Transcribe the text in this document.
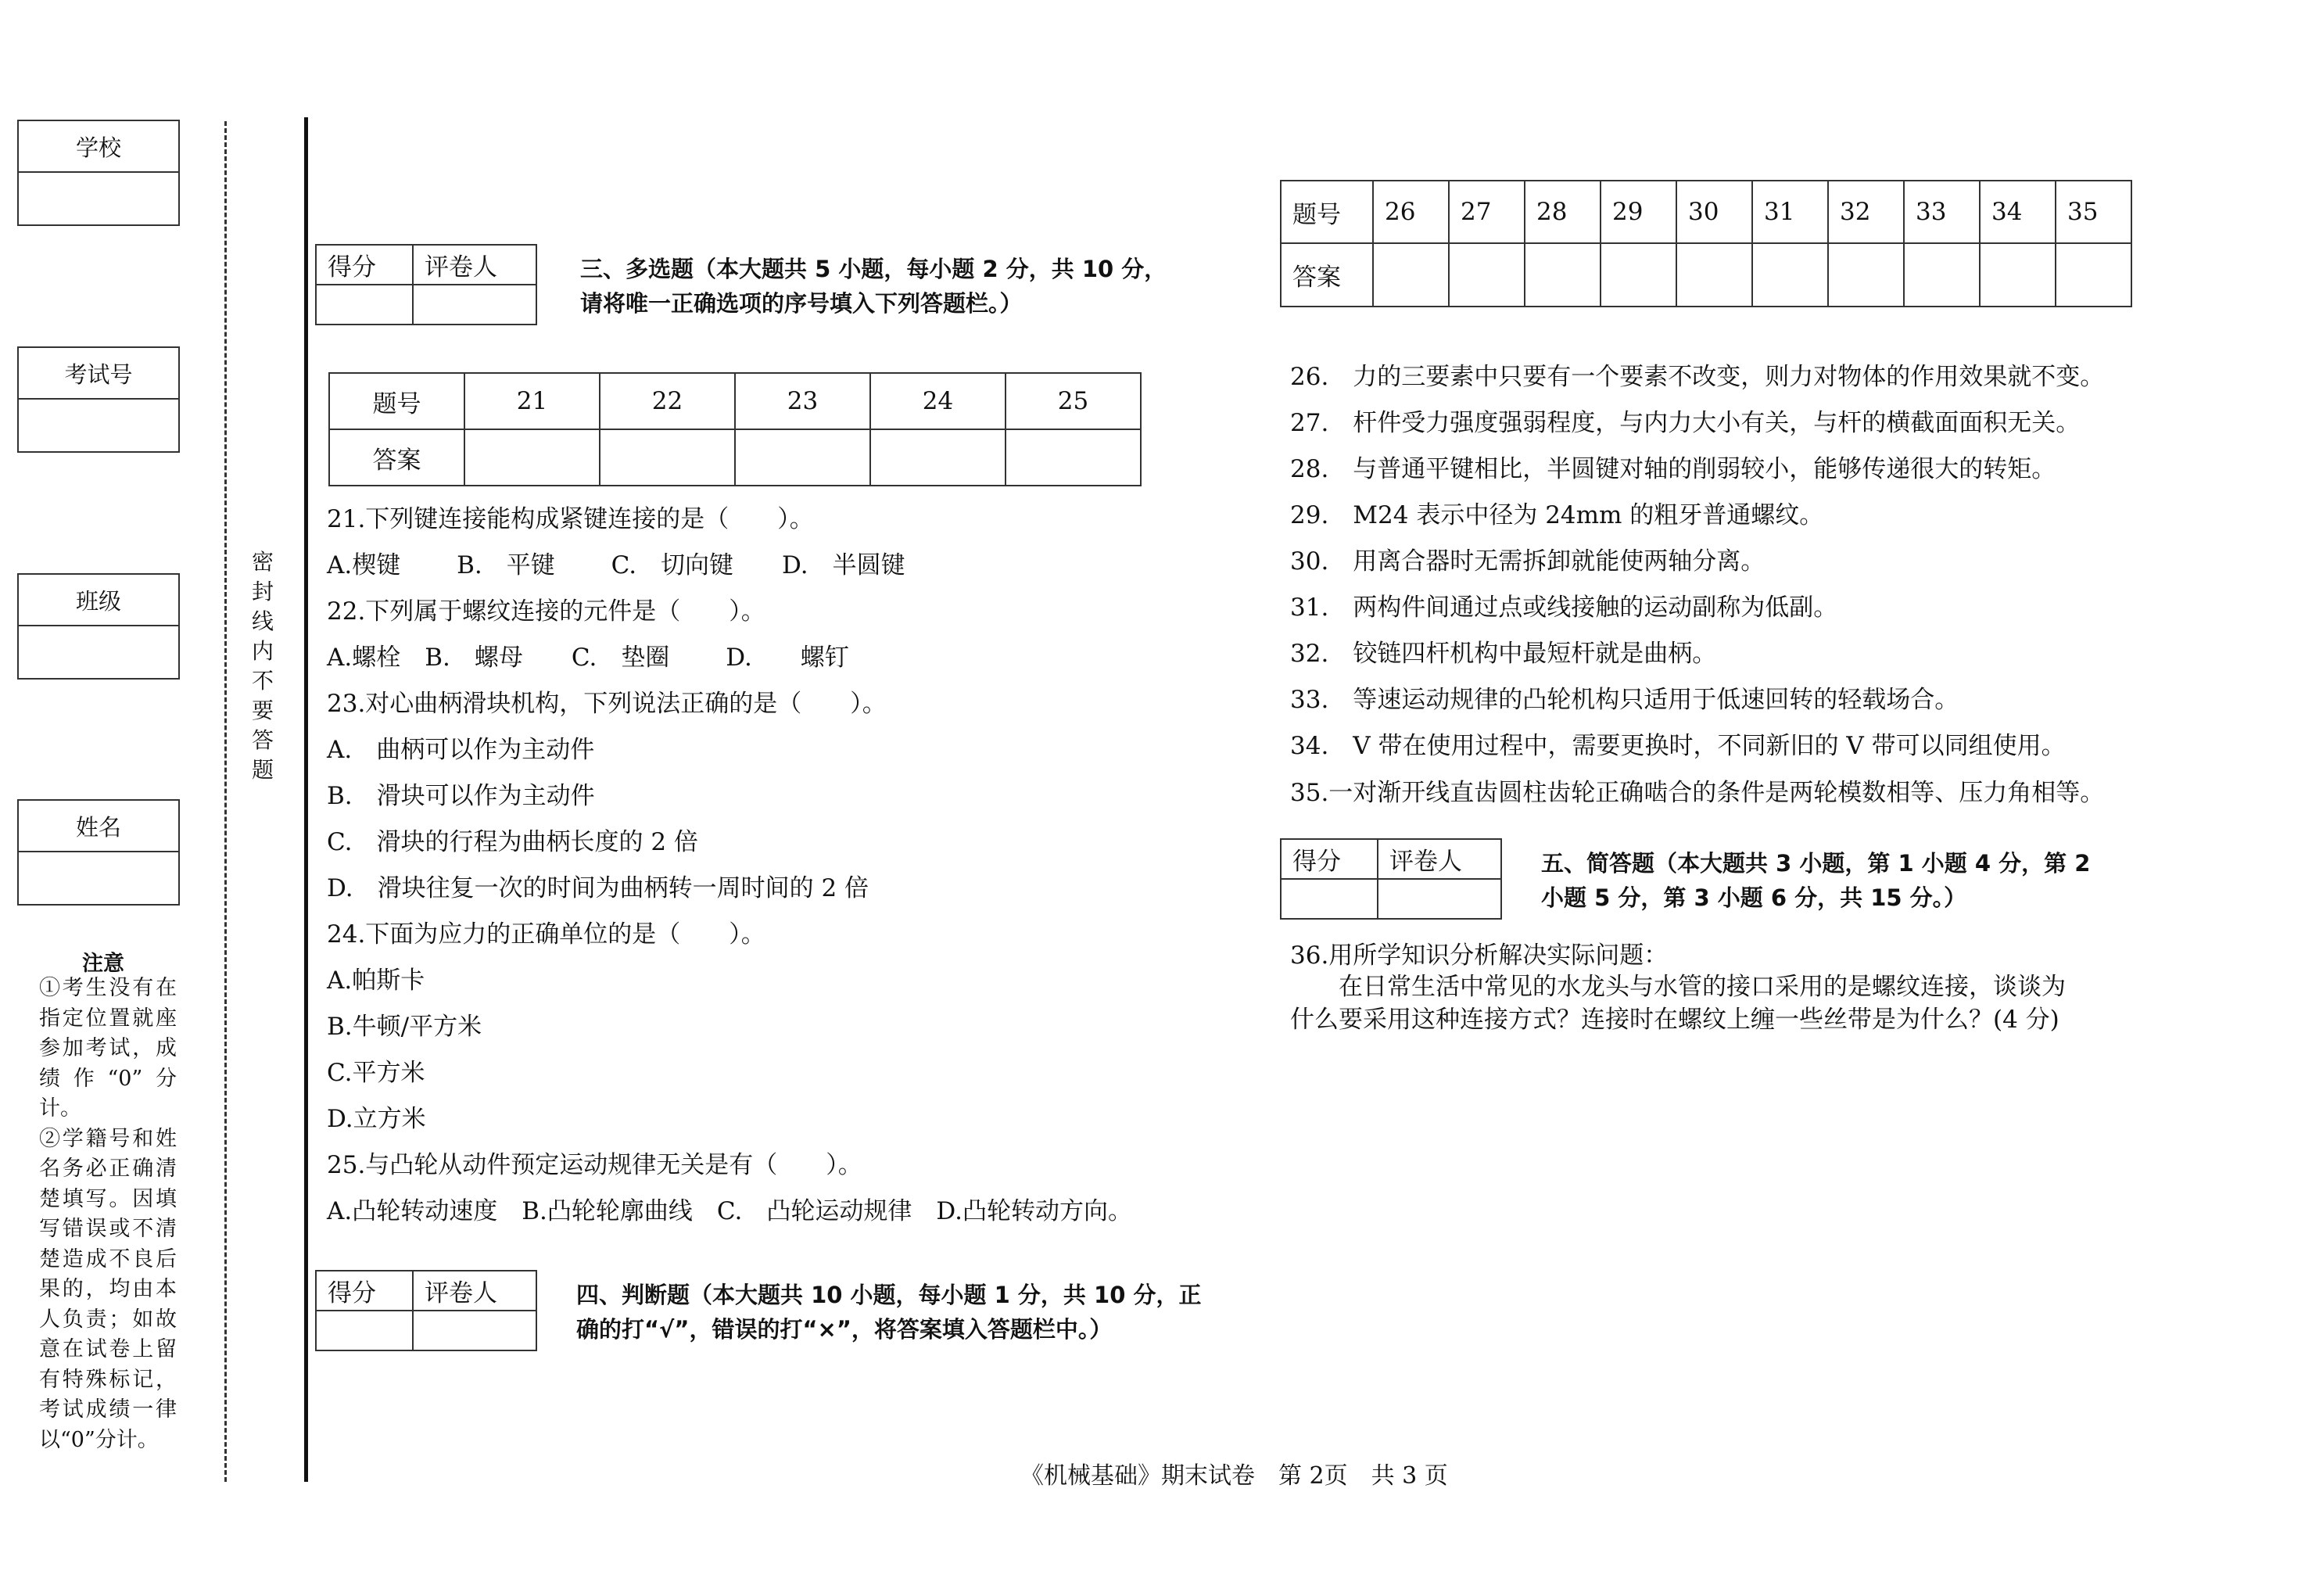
学校
考试号
班级
姓名
密
封
线
内
不
要
答
题
注意

①考生没有在指定位置就座参加考试，成绩作“0”分计。

②学籍号和姓名务必正确清楚填写。因填写错误或不清楚造成不良后果的，均由本人负责；如故意在试卷上留有特殊标记，考试成绩一律以“0”分计。

得分	评卷人
		三、多选题（本大题共 5 小题，每小题 2 分，共 10 分，
请将唯一正确选项的序号填入下列答题栏。）
题号	21	22	23	24	25
答案					
21.下列键连接能构成紧键连接的是（　　）。
A.楔键　　 B.　平键　　 C.　切向键　　D.　半圆键
22.下列属于螺纹连接的元件是（　　）。
A.螺栓　B.　螺母　　C.　垫圈　　 D.　　螺钉
23.对心曲柄滑块机构，下列说法正确的是（　　）。
A.　曲柄可以作为主动件
B.　滑块可以作为主动件
C.　滑块的行程为曲柄长度的 2 倍
D.　滑块往复一次的时间为曲柄转一周时间的 2 倍
24.下面为应力的正确单位的是（　　）。
A.帕斯卡
B.牛顿/平方米
C.平方米
D.立方米
25.与凸轮从动件预定运动规律无关是有（　　）。
A.凸轮转动速度　B.凸轮轮廓曲线　C.　凸轮运动规律　D.凸轮转动方向。
得分	评卷人
		四、判断题（本大题共 10 小题，每小题 1 分，共 10 分，正
确的打“√”，错误的打“×”，将答案填入答题栏中。）
题号	26	27	28	29	30	31	32	33	34	35
答案										
26.　力的三要素中只要有一个要素不改变，则力对物体的作用效果就不变。
27.　杆件受力强度强弱程度，与内力大小有关，与杆的横截面面积无关。
28.　与普通平键相比，半圆键对轴的削弱较小，能够传递很大的转矩。
29.　M24 表示中径为 24mm 的粗牙普通螺纹。
30.　用离合器时无需拆卸就能使两轴分离。
31.　两构件间通过点或线接触的运动副称为低副。
32.　铰链四杆机构中最短杆就是曲柄。
33.　等速运动规律的凸轮机构只适用于低速回转的轻载场合。
34.　V 带在使用过程中，需要更换时，不同新旧的 V 带可以同组使用。
35.一对渐开线直齿圆柱齿轮正确啮合的条件是两轮模数相等、压力角相等。
得分	评卷人
		五、简答题（本大题共 3 小题，第 1 小题 4 分，第 2
小题 5 分，第 3 小题 6 分，共 15 分。）
36.用所学知识分析解决实际问题：
　　在日常生活中常见的水龙头与水管的接口采用的是螺纹连接，谈谈为
什么要采用这种连接方式？连接时在螺纹上缠一些丝带是为什么？(4 分)
《机械基础》期末试卷　第 2页　共 3 页
